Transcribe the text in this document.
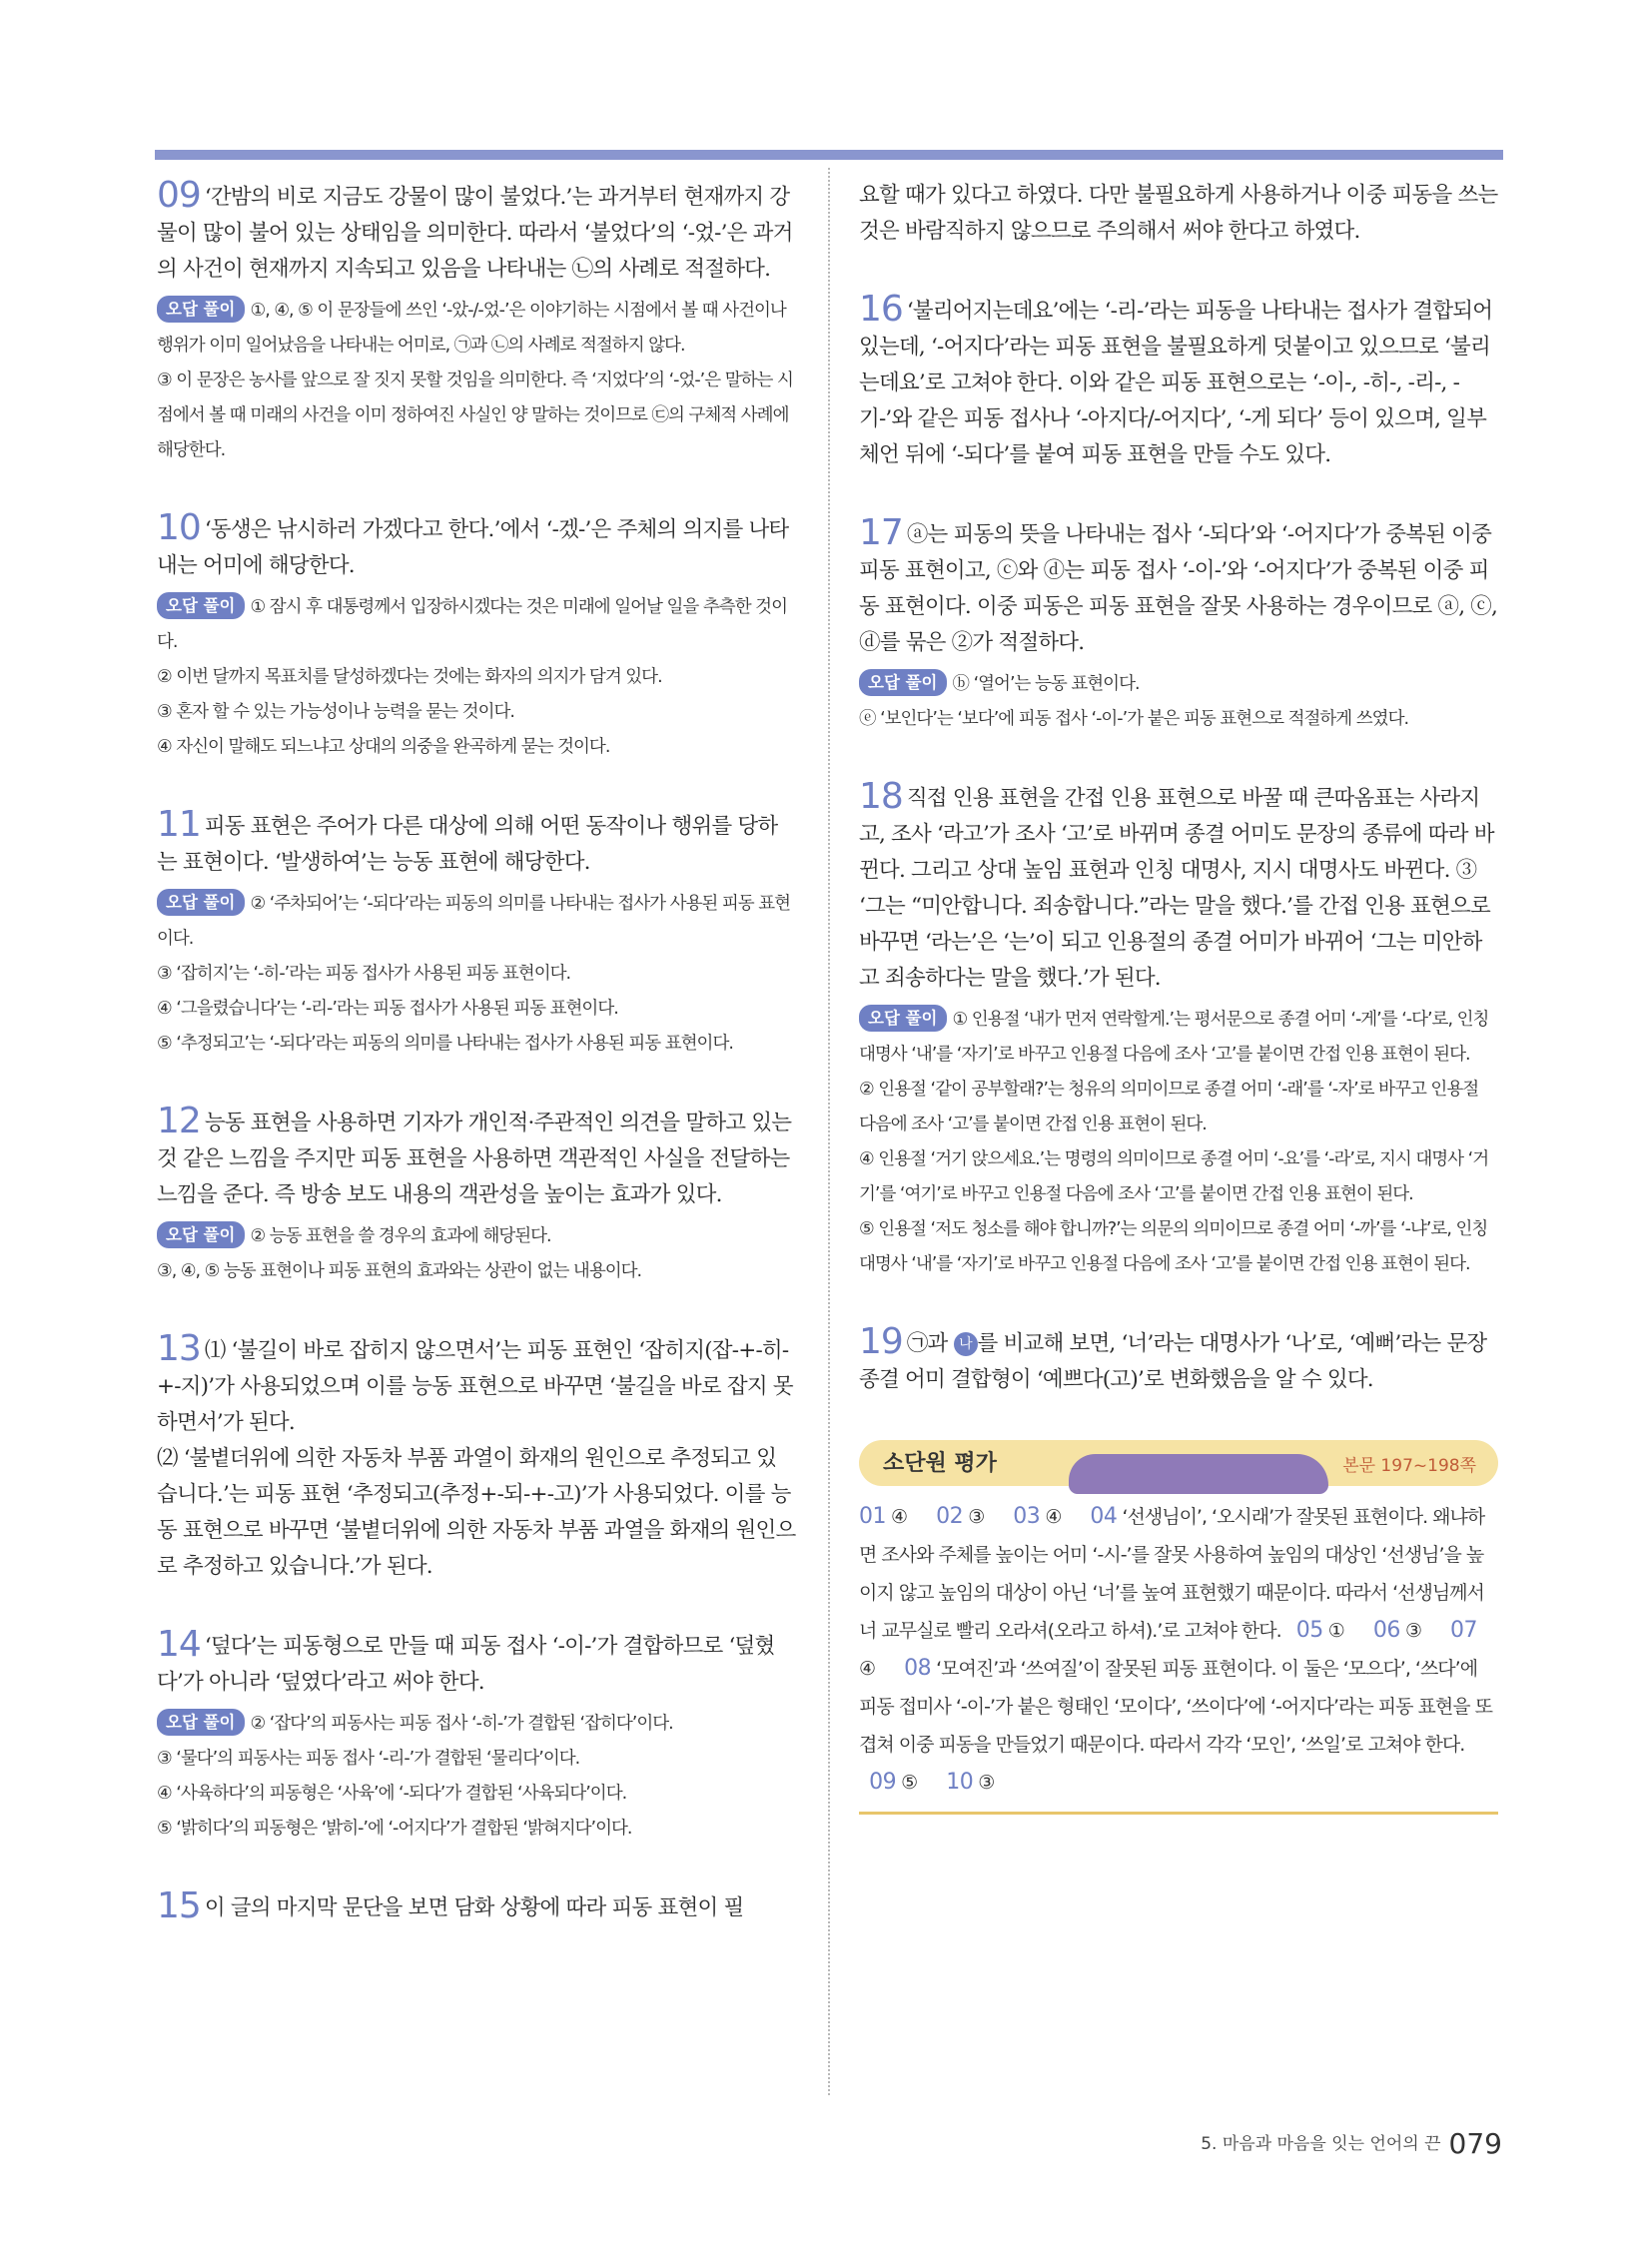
09 ‘간밤의 비로 지금도 강물이 많이 불었다.’는 과거부터 현재까지 강물이 많이 불어 있는 상태임을 의미한다. 따라서 ‘불었다’의 ‘-었-’은 과거의 사건이 현재까지 지속되고 있음을 나타내는 ㉡의 사례로 적절하다.

오답 풀이 ①, ④, ⑤ 이 문장들에 쓰인 ‘-았-/-었-’은 이야기하는 시점에서 볼 때 사건이나 행위가 이미 일어났음을 나타내는 어미로, ㉠과 ㉡의 사례로 적절하지 않다.

③ 이 문장은 농사를 앞으로 잘 짓지 못할 것임을 의미한다. 즉 ‘지었다’의 ‘-었-’은 말하는 시점에서 볼 때 미래의 사건을 이미 정하여진 사실인 양 말하는 것이므로 ㉢의 구체적 사례에 해당한다.

10 ‘동생은 낚시하러 가겠다고 한다.’에서 ‘-겠-’은 주체의 의지를 나타내는 어미에 해당한다.

오답 풀이 ① 잠시 후 대통령께서 입장하시겠다는 것은 미래에 일어날 일을 추측한 것이다.

② 이번 달까지 목표치를 달성하겠다는 것에는 화자의 의지가 담겨 있다.

③ 혼자 할 수 있는 가능성이나 능력을 묻는 것이다.

④ 자신이 말해도 되느냐고 상대의 의중을 완곡하게 묻는 것이다.

11 피동 표현은 주어가 다른 대상에 의해 어떤 동작이나 행위를 당하는 표현이다. ‘발생하여’는 능동 표현에 해당한다.

오답 풀이 ② ‘주차되어’는 ‘-되다’라는 피동의 의미를 나타내는 접사가 사용된 피동 표현이다.

③ ‘잡히지’는 ‘-히-’라는 피동 접사가 사용된 피동 표현이다.

④ ‘그을렸습니다’는 ‘-리-’라는 피동 접사가 사용된 피동 표현이다.

⑤ ‘추정되고’는 ‘-되다’라는 피동의 의미를 나타내는 접사가 사용된 피동 표현이다.

12 능동 표현을 사용하면 기자가 개인적·주관적인 의견을 말하고 있는 것 같은 느낌을 주지만 피동 표현을 사용하면 객관적인 사실을 전달하는 느낌을 준다. 즉 방송 보도 내용의 객관성을 높이는 효과가 있다.

오답 풀이 ② 능동 표현을 쓸 경우의 효과에 해당된다.

③, ④, ⑤ 능동 표현이나 피동 표현의 효과와는 상관이 없는 내용이다.

13 ⑴ ‘불길이 바로 잡히지 않으면서’는 피동 표현인 ‘잡히지(잡-+-히-+-지)’가 사용되었으며 이를 능동 표현으로 바꾸면 ‘불길을 바로 잡지 못하면서’가 된다.
⑵ ‘불볕더위에 의한 자동차 부품 과열이 화재의 원인으로 추정되고 있습니다.’는 피동 표현 ‘추정되고(추정+-되-+-고)’가 사용되었다. 이를 능동 표현으로 바꾸면 ‘불볕더위에 의한 자동차 부품 과열을 화재의 원인으로 추정하고 있습니다.’가 된다.
14 ‘덮다’는 피동형으로 만들 때 피동 접사 ‘-이-’가 결합하므로 ‘덮혔다’가 아니라 ‘덮였다’라고 써야 한다.

오답 풀이 ② ‘잡다’의 피동사는 피동 접사 ‘-히-’가 결합된 ‘잡히다’이다.

③ ‘물다’의 피동사는 피동 접사 ‘-리-’가 결합된 ‘물리다’이다.

④ ‘사육하다’의 피동형은 ‘사육’에 ‘-되다’가 결합된 ‘사육되다’이다.

⑤ ‘밝히다’의 피동형은 ‘밝히-’에 ‘-어지다’가 결합된 ‘밝혀지다’이다.

15 이 글의 마지막 문단을 보면 담화 상황에 따라 피동 표현이 필
요할 때가 있다고 하였다. 다만 불필요하게 사용하거나 이중 피동을 쓰는 것은 바람직하지 않으므로 주의해서 써야 한다고 하였다.
16 ‘불리어지는데요’에는 ‘-리-’라는 피동을 나타내는 접사가 결합되어 있는데, ‘-어지다’라는 피동 표현을 불필요하게 덧붙이고 있으므로 ‘불리는데요’로 고쳐야 한다. 이와 같은 피동 표현으로는 ‘-이-, -히-, -리-, -기-’와 같은 피동 접사나 ‘-아지다/-어지다’, ‘-게 되다’ 등이 있으며, 일부 체언 뒤에 ‘-되다’를 붙여 피동 표현을 만들 수도 있다.
17 ⓐ는 피동의 뜻을 나타내는 접사 ‘-되다’와 ‘-어지다’가 중복된 이중 피동 표현이고, ⓒ와 ⓓ는 피동 접사 ‘-이-’와 ‘-어지다’가 중복된 이중 피동 표현이다. 이중 피동은 피동 표현을 잘못 사용하는 경우이므로 ⓐ, ⓒ, ⓓ를 묶은 ②가 적절하다.

오답 풀이 ⓑ ‘열어’는 능동 표현이다.

ⓔ ‘보인다’는 ‘보다’에 피동 접사 ‘-이-’가 붙은 피동 표현으로 적절하게 쓰였다.

18 직접 인용 표현을 간접 인용 표현으로 바꿀 때 큰따옴표는 사라지고, 조사 ‘라고’가 조사 ‘고’로 바뀌며 종결 어미도 문장의 종류에 따라 바뀐다. 그리고 상대 높임 표현과 인칭 대명사, 지시 대명사도 바뀐다. ③ ‘그는 “미안합니다. 죄송합니다.”라는 말을 했다.’를 간접 인용 표현으로 바꾸면 ‘라는’은 ‘는’이 되고 인용절의 종결 어미가 바뀌어 ‘그는 미안하고 죄송하다는 말을 했다.’가 된다.

오답 풀이 ① 인용절 ‘내가 먼저 연락할게.’는 평서문으로 종결 어미 ‘-게’를 ‘-다’로, 인칭 대명사 ‘내’를 ‘자기’로 바꾸고 인용절 다음에 조사 ‘고’를 붙이면 간접 인용 표현이 된다.

② 인용절 ‘같이 공부할래?’는 청유의 의미이므로 종결 어미 ‘-래’를 ‘-자’로 바꾸고 인용절 다음에 조사 ‘고’를 붙이면 간접 인용 표현이 된다.

④ 인용절 ‘거기 앉으세요.’는 명령의 의미이므로 종결 어미 ‘-요’를 ‘-라’로, 지시 대명사 ‘거기’를 ‘여기’로 바꾸고 인용절 다음에 조사 ‘고’를 붙이면 간접 인용 표현이 된다.

⑤ 인용절 ‘저도 청소를 해야 합니까?’는 의문의 의미이므로 종결 어미 ‘-까’를 ‘-냐’로, 인칭 대명사 ‘내’를 ‘자기’로 바꾸고 인용절 다음에 조사 ‘고’를 붙이면 간접 인용 표현이 된다.

19 ㉠과 나 를 비교해 보면, ‘너’라는 대명사가 ‘나’로, ‘예뻐’라는 문장 종결 어미 결합형이 ‘예쁘다(고)’로 변화했음을 알 수 있다.
소단원 평가	본문 197~198쪽
01 ④ 02 ③ 03 ④ 04 ‘선생님이’, ‘오시래’가 잘못된 표현이다. 왜냐하면 조사와 주체를 높이는 어미 ‘-시-’를 잘못 사용하여 높임의 대상인 ‘선생님’을 높이지 않고 높임의 대상이 아닌 ‘너’를 높여 표현했기 때문이다. 따라서 ‘선생님께서 너 교무실로 빨리 오라셔(오라고 하셔).’로 고쳐야 한다. 05 ① 06 ③ 07 ④ 08 ‘모여진’과 ‘쓰여질’이 잘못된 피동 표현이다. 이 둘은 ‘모으다’, ‘쓰다’에 피동 접미사 ‘-이-’가 붙은 형태인 ‘모이다’, ‘쓰이다’에 ‘-어지다’라는 피동 표현을 또 겹쳐 이중 피동을 만들었기 때문이다. 따라서 각각 ‘모인’, ‘쓰일’로 고쳐야 한다.   09 ⑤ 10 ③
5. 마음과 마음을 잇는 언어의 끈 079
